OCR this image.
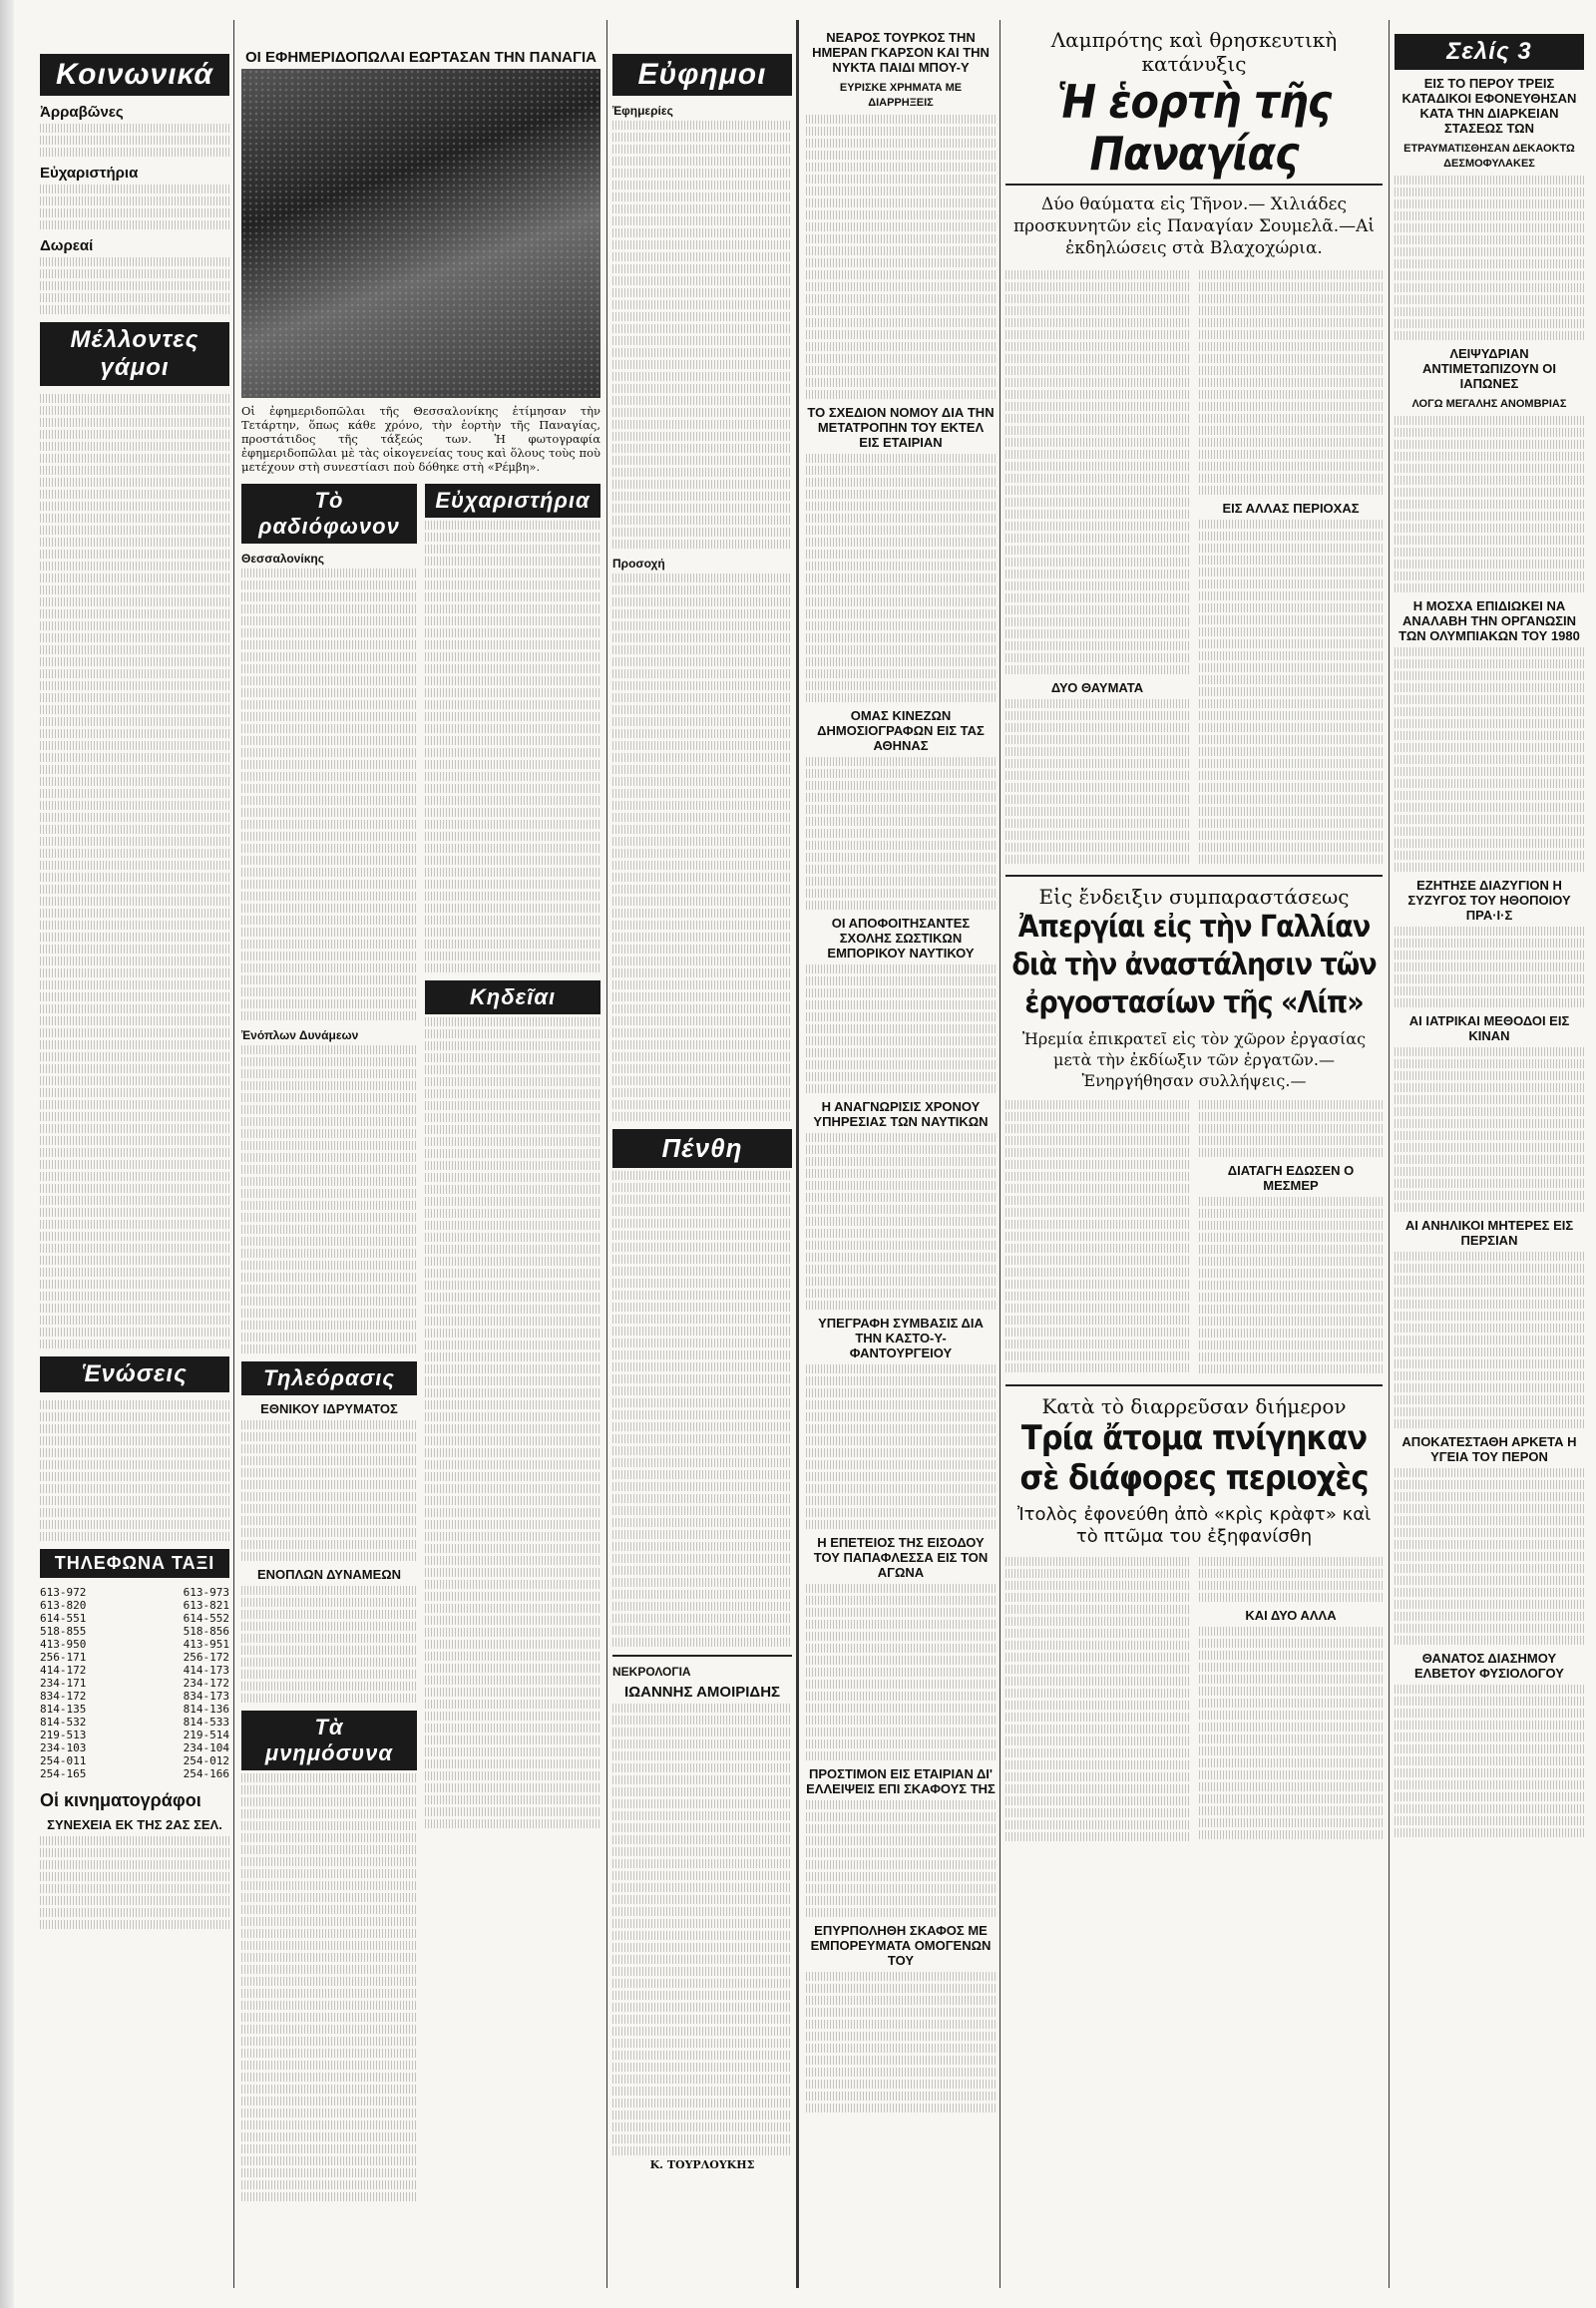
Κοινωνικά
Ἀρραβῶνες
Εὐχαριστήρια
Δωρεαί
Μέλλοντες γάμοι
Ἑνώσεις
ΤΗΛΕΦΩΝΑ ΤΑΞΙ
613-972	613-973
613-820	613-821
614-551	614-552
518-855	518-856
413-950	413-951
256-171	256-172
414-172	414-173
234-171	234-172
834-172	834-173
814-135	814-136
814-532	814-533
219-513	219-514
234-103	234-104
254-011	254-012
254-165	254-166
Οἱ κινηματογράφοι
ΣΥΝΕΧΕΙΑ ΕΚ ΤΗΣ 2ΑΣ ΣΕΛ.
ΟΙ ΕΦΗΜΕΡΙΔΟΠΩΛΑΙ ΕΩΡΤΑΣΑΝ ΤΗΝ ΠΑΝΑΓΙΑ
Οἱ ἐφημεριδοπῶλαι τῆς Θεσσαλονίκης ἐτίμησαν τὴν Τετάρτην, ὅπως κάθε χρόνο, τὴν ἑορτὴν τῆς Παναγίας, προστάτιδος τῆς τάξεώς των. Ἡ φωτογραφία ἐφημεριδοπῶλαι μὲ τὰς οἰκογενείας τους καὶ ὅλους τοὺς ποὺ μετέχουν στὴ συνεστίασι ποὺ δόθηκε στὴ «Ρέμβη».
Τὸ ραδιόφωνον
Θεσσαλονίκης
Ἐνόπλων Δυνάμεων
Τηλεόρασις
ΕΘΝΙΚΟΥ ΙΔΡΥΜΑΤΟΣ
ΕΝΟΠΛΩΝ ΔΥΝΑΜΕΩΝ
Τὰ μνημόσυνα
Εὐχαριστήρια
Κηδεῖαι
Εὐφημοι
Ἐφημερίες
Προσοχή
Πένθη
ΝΕΚΡΟΛΟΓΙΑ
ΙΩΑΝΝΗΣ ΑΜΟΙΡΙΔΗΣ
Κ. ΤΟΥΡΛΟΥΚΗΣ
ΝΕΑΡΟΣ ΤΟΥΡΚΟΣ ΤΗΝ ΗΜΕΡΑΝ ΓΚΑΡΣΟΝ ΚΑΙ ΤΗΝ ΝΥΚΤΑ ΠΑΙΔΙ ΜΠΟΥ-Υ
ΕΥΡΙΣΚΕ ΧΡΗΜΑΤΑ ΜΕ ΔΙΑΡΡΗΞΕΙΣ
ΤΟ ΣΧΕΔΙΟΝ ΝΟΜΟΥ ΔΙΑ ΤΗΝ ΜΕΤΑΤΡΟΠΗΝ ΤΟΥ ΕΚΤΕΛ ΕΙΣ ΕΤΑΙΡΙΑΝ
ΟΜΑΣ ΚΙΝΕΖΩΝ ΔΗΜΟΣΙΟΓΡΑΦΩΝ ΕΙΣ ΤΑΣ ΑΘΗΝΑΣ
ΟΙ ΑΠΟΦΟΙΤΗΣΑΝΤΕΣ ΣΧΟΛΗΣ ΣΩΣΤΙΚΩΝ ΕΜΠΟΡΙΚΟΥ ΝΑΥΤΙΚΟΥ
Η ΑΝΑΓΝΩΡΙΣΙΣ ΧΡΟΝΟΥ ΥΠΗΡΕΣΙΑΣ ΤΩΝ ΝΑΥΤΙΚΩΝ
ΥΠΕΓΡΑΦΗ ΣΥΜΒΑΣΙΣ ΔΙΑ ΤΗΝ ΚΑΣΤΟ-Υ-ΦΑΝΤΟΥΡΓΕΙΟΥ
Η ΕΠΕΤΕΙΟΣ ΤΗΣ ΕΙΣΟΔΟΥ ΤΟΥ ΠΑΠΑΦΛΕΣΣΑ ΕΙΣ ΤΟΝ ΑΓΩΝΑ
ΠΡΟΣΤΙΜΟΝ ΕΙΣ ΕΤΑΙΡΙΑΝ ΔΙ' ΕΛΛΕΙΨΕΙΣ ΕΠΙ ΣΚΑΦΟΥΣ ΤΗΣ
ΕΠΥΡΠΟΛΗΘΗ ΣΚΑΦΟΣ ΜΕ ΕΜΠΟΡΕΥΜΑΤΑ ΟΜΟΓΕΝΩΝ ΤΟΥ
Λαμπρότης καὶ θρησκευτικὴ κατάνυξις
Ἡ ἑορτὴ τῆς Παναγίας
Δύο θαύματα εἰς Τῆνον.— Χιλιάδες προσκυνητῶν εἰς Παναγίαν Σουμελᾶ.—Αἱ ἐκδηλώσεις στὰ Βλαχοχώρια.
ΔΥΟ ΘΑΥΜΑΤΑ
ΕΙΣ ΑΛΛΑΣ ΠΕΡΙΟΧΑΣ
Εἰς ἔνδειξιν συμπαραστάσεως
Ἀπεργίαι εἰς τὴν Γαλλίαν διὰ τὴν ἀναστάλησιν τῶν ἐργοστασίων τῆς «Λίπ»
Ἠρεμία ἐπικρατεῖ εἰς τὸν χῶρον ἐργασίας μετὰ τὴν ἐκδίωξιν τῶν ἐργατῶν.— Ἐνηργήθησαν συλλήψεις.—
ΔΙΑΤΑΓΗ ΕΔΩΣΕΝ Ο ΜΕΣΜΕΡ
Κατὰ τὸ διαρρεῦσαν διήμερον
Τρία ἄτομα πνίγηκαν σὲ διάφορες περιοχὲς
Ἰτολὸς ἐφονεύθη ἀπὸ «κρὶς κρὰφτ» καὶ τὸ πτῶμα του ἐξηφανίσθη
ΚΑΙ ΔΥΟ ΑΛΛΑ
Σελίς 3
ΕΙΣ ΤΟ ΠΕΡΟΥ ΤΡΕΙΣ ΚΑΤΑΔΙΚΟΙ ΕΦΟΝΕΥΘΗΣΑΝ ΚΑΤΑ ΤΗΝ ΔΙΑΡΚΕΙΑΝ ΣΤΑΣΕΩΣ ΤΩΝ
ΕΤΡΑΥΜΑΤΙΣΘΗΣΑΝ ΔΕΚΑΟΚΤΩ ΔΕΣΜΟΦΥΛΑΚΕΣ
ΛΕΙΨΥΔΡΙΑΝ ΑΝΤΙΜΕΤΩΠΙΖΟΥΝ ΟΙ ΙΑΠΩΝΕΣ
ΛΟΓΩ ΜΕΓΑΛΗΣ ΑΝΟΜΒΡΙΑΣ
Η ΜΟΣΧΑ ΕΠΙΔΙΩΚΕΙ ΝΑ ΑΝΑΛΑΒΗ ΤΗΝ ΟΡΓΑΝΩΣΙΝ ΤΩΝ ΟΛΥΜΠΙΑΚΩΝ ΤΟΥ 1980
ΕΖΗΤΗΣΕ ΔΙΑΖΥΓΙΟΝ Η ΣΥΖΥΓΟΣ ΤΟΥ ΗΘΟΠΟΙΟΥ ΠΡΑ·Ι·Σ
ΑΙ ΙΑΤΡΙΚΑΙ ΜΕΘΟΔΟΙ ΕΙΣ ΚΙΝΑΝ
ΑΙ ΑΝΗΛΙΚΟΙ ΜΗΤΕΡΕΣ ΕΙΣ ΠΕΡΣΙΑΝ
ΑΠΟΚΑΤΕΣΤΑΘΗ ΑΡΚΕΤΑ Η ΥΓΕΙΑ ΤΟΥ ΠΕΡΟΝ
ΘΑΝΑΤΟΣ ΔΙΑΣΗΜΟΥ ΕΛΒΕΤΟΥ ΦΥΣΙΟΛΟΓΟΥ
